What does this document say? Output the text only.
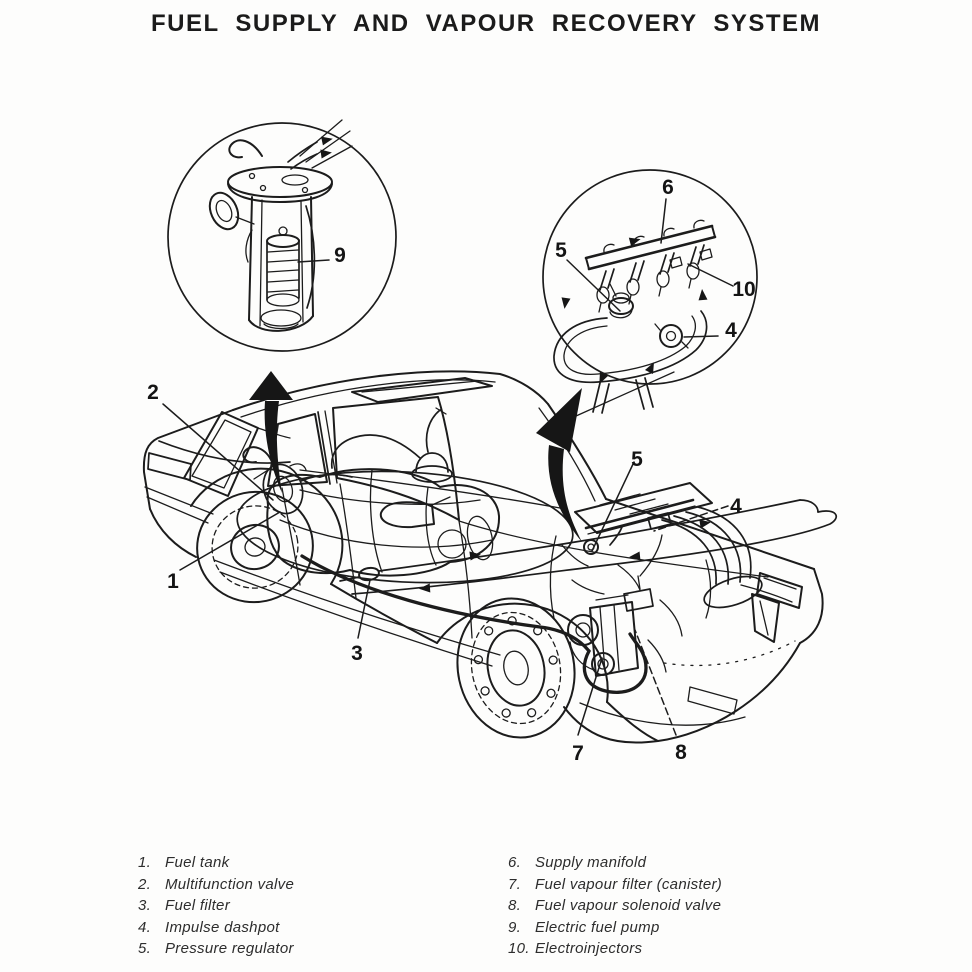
FUEL SUPPLY AND VAPOUR RECOVERY SYSTEM
9
6
5
10
4
2
1
3
5
4
7	8
1. Fuel tank
2. Multifunction valve
3. Fuel filter
4. Impulse dashpot
5. Pressure regulator
6. Supply manifold
7. Fuel vapour filter (canister)
8. Fuel vapour solenoid valve
9. Electric fuel pump
10. Electroinjectors
